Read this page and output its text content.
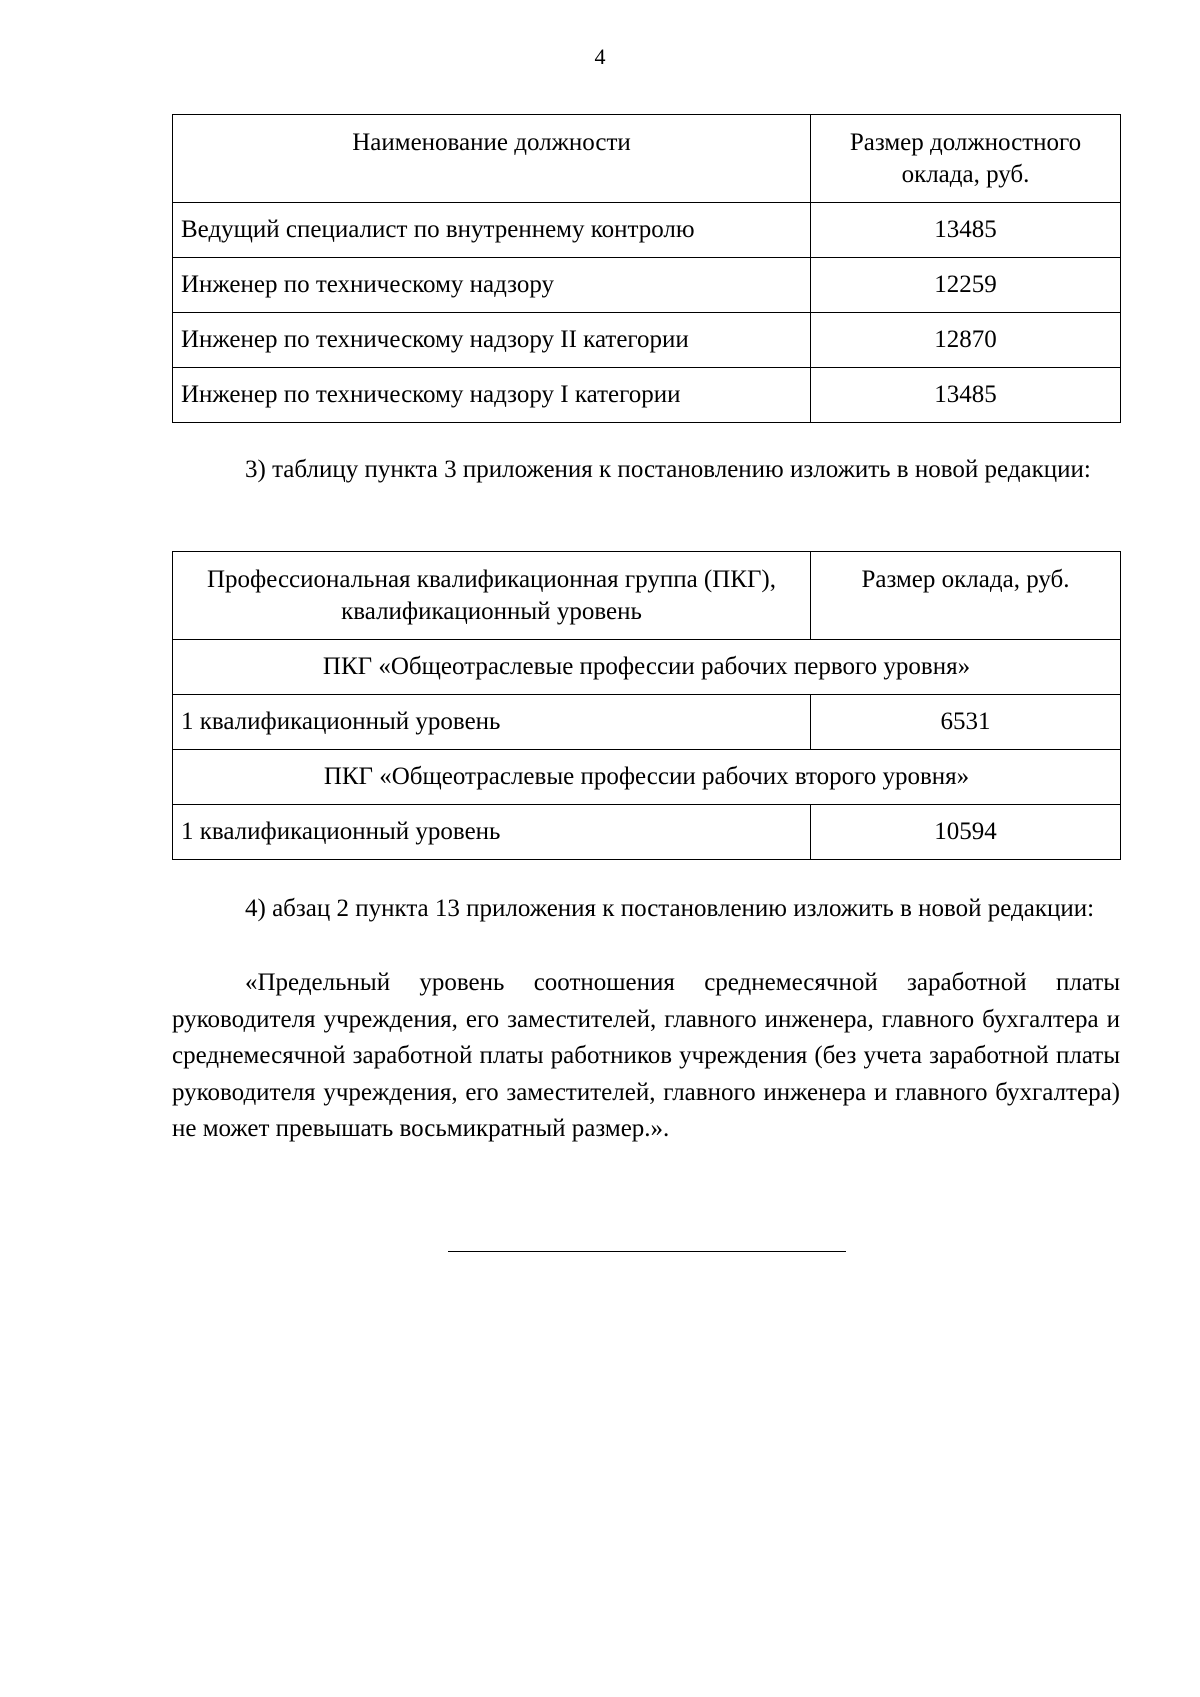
4
Наименование должности	Размер должностного оклада, руб.
Ведущий специалист по внутреннему контролю	13485
Инженер по техническому надзору	12259
Инженер по техническому надзору II категории	12870
Инженер по техническому надзору I категории	13485

3) таблицу пункта 3 приложения к постановлению изложить в новой редакции:

Профессиональная квалификационная группа (ПКГ), квалификационный уровень	Размер оклада, руб.
ПКГ «Общеотраслевые профессии рабочих первого уровня»	
1 квалификационный уровень	6531
ПКГ «Общеотраслевые профессии рабочих второго уровня»	
1 квалификационный уровень	10594

4) абзац 2 пункта 13 приложения к постановлению изложить в новой редакции:

«Предельный уровень соотношения среднемесячной заработной платы руководителя учреждения, его заместителей, главного инженера, главного бухгалтера и среднемесячной заработной платы работников учреждения (без учета заработной платы руководителя учреждения, его заместителей, главного инженера и главного бухгалтера) не может превышать восьмикратный размер.».
